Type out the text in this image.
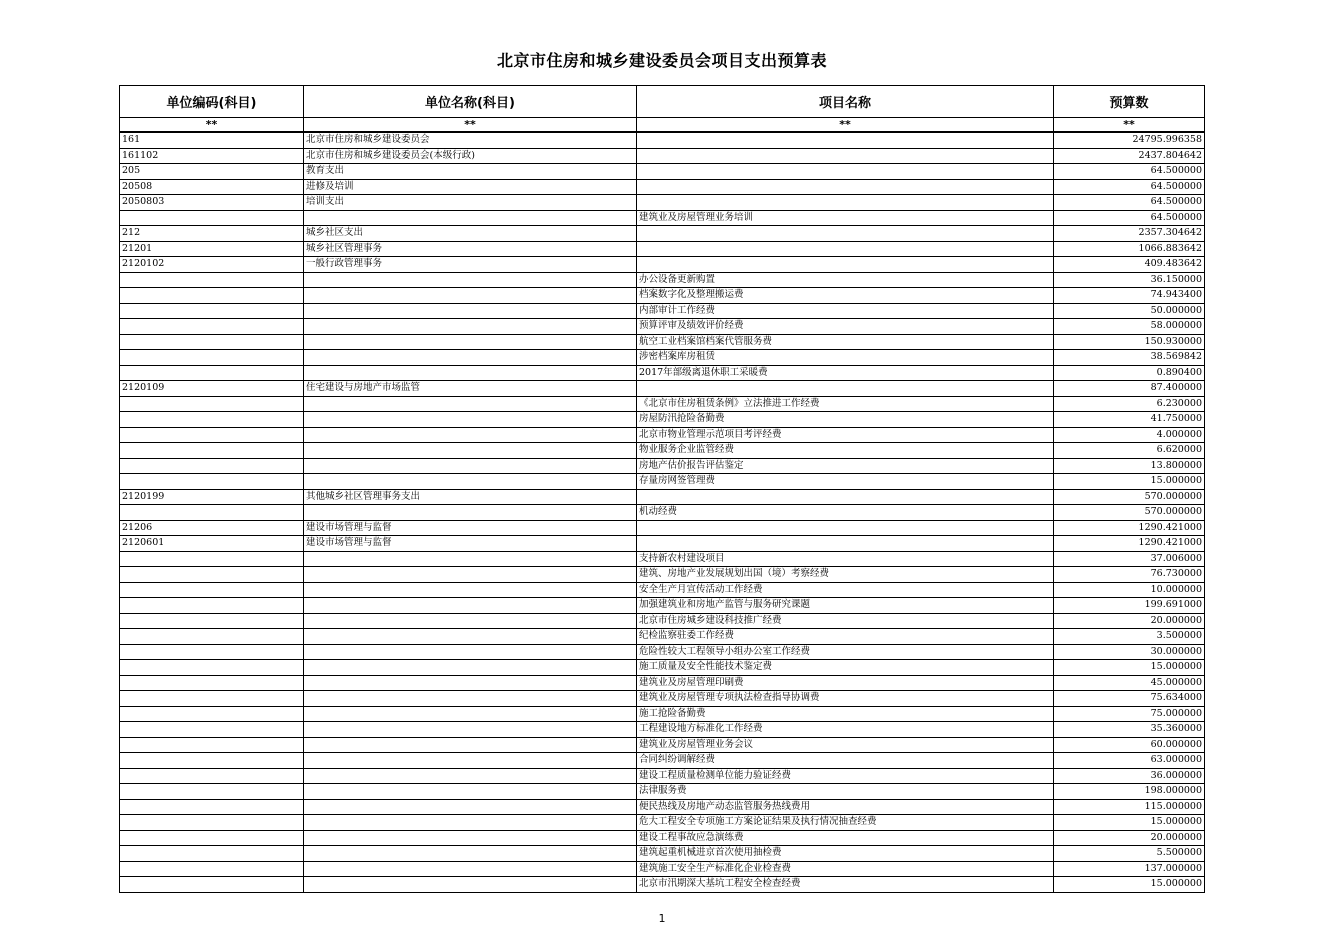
北京市住房和城乡建设委员会项目支出预算表
单位编码(科目)	单位名称(科目)	项目名称	预算数
**	**	**	**
161	北京市住房和城乡建设委员会		24795.996358
161102	北京市住房和城乡建设委员会(本级行政)		2437.804642
205	教育支出		64.500000
20508	进修及培训		64.500000
2050803	培训支出		64.500000
		建筑业及房屋管理业务培训	64.500000
212	城乡社区支出		2357.304642
21201	城乡社区管理事务		1066.883642
2120102	一般行政管理事务		409.483642
		办公设备更新购置	36.150000
		档案数字化及整理搬运费	74.943400
		内部审计工作经费	50.000000
		预算评审及绩效评价经费	58.000000
		航空工业档案馆档案代管服务费	150.930000
		涉密档案库房租赁	38.569842
		2017年部级离退休职工采暖费	0.890400
2120109	住宅建设与房地产市场监管		87.400000
		《北京市住房租赁条例》立法推进工作经费	6.230000
		房屋防汛抢险备勤费	41.750000
		北京市物业管理示范项目考评经费	4.000000
		物业服务企业监管经费	6.620000
		房地产估价报告评估鉴定	13.800000
		存量房网签管理费	15.000000
2120199	其他城乡社区管理事务支出		570.000000
		机动经费	570.000000
21206	建设市场管理与监督		1290.421000
2120601	建设市场管理与监督		1290.421000
		支持新农村建设项目	37.006000
		建筑、房地产业发展规划出国（境）考察经费	76.730000
		安全生产月宣传活动工作经费	10.000000
		加强建筑业和房地产监管与服务研究课题	199.691000
		北京市住房城乡建设科技推广经费	20.000000
		纪检监察驻委工作经费	3.500000
		危险性较大工程领导小组办公室工作经费	30.000000
		施工质量及安全性能技术鉴定费	15.000000
		建筑业及房屋管理印刷费	45.000000
		建筑业及房屋管理专项执法检查指导协调费	75.634000
		施工抢险备勤费	75.000000
		工程建设地方标准化工作经费	35.360000
		建筑业及房屋管理业务会议	60.000000
		合同纠纷调解经费	63.000000
		建设工程质量检测单位能力验证经费	36.000000
		法律服务费	198.000000
		便民热线及房地产动态监管服务热线费用	115.000000
		危大工程安全专项施工方案论证结果及执行情况抽查经费	15.000000
		建设工程事故应急演练费	20.000000
		建筑起重机械进京首次使用抽检费	5.500000
		建筑施工安全生产标准化企业检查费	137.000000
		北京市汛期深大基坑工程安全检查经费	15.000000
1
